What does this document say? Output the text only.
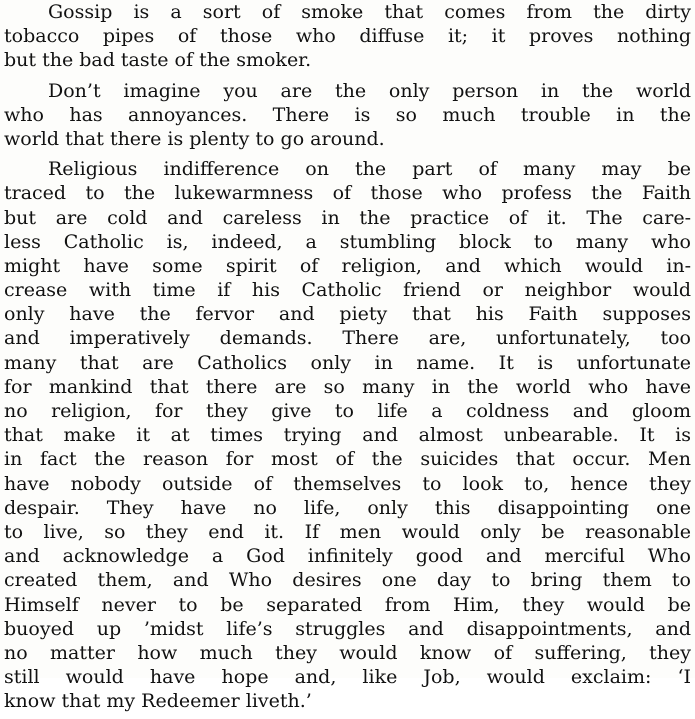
Gossip is a sort of smoke that comes from the dirty
tobacco pipes of those who diffuse it; it proves nothing
but the bad taste of the smoker.
Don’t imagine you are the only person in the world
who has annoyances. There is so much trouble in the
world that there is plenty to go around.
Religious indifference on the part of many may be
traced to the lukewarmness of those who profess the Faith
but are cold and careless in the practice of it. The care-
less Catholic is, indeed, a stumbling block to many who
might have some spirit of religion, and which would in-
crease with time if his Catholic friend or neighbor would
only have the fervor and piety that his Faith supposes
and imperatively demands. There are, unfortunately, too
many that are Catholics only in name. It is unfortunate
for mankind that there are so many in the world who have
no religion, for they give to life a coldness and gloom
that make it at times trying and almost unbearable. It is
in fact the reason for most of the suicides that occur. Men
have nobody outside of themselves to look to, hence they
despair. They have no life, only this disappointing one
to live, so they end it. If men would only be reasonable
and acknowledge a God infinitely good and merciful Who
created them, and Who desires one day to bring them to
Himself never to be separated from Him, they would be
buoyed up ’midst life’s struggles and disappointments, and
no matter how much they would know of suffering, they
still would have hope and, like Job, would exclaim: ‘I
know that my Redeemer liveth.’
